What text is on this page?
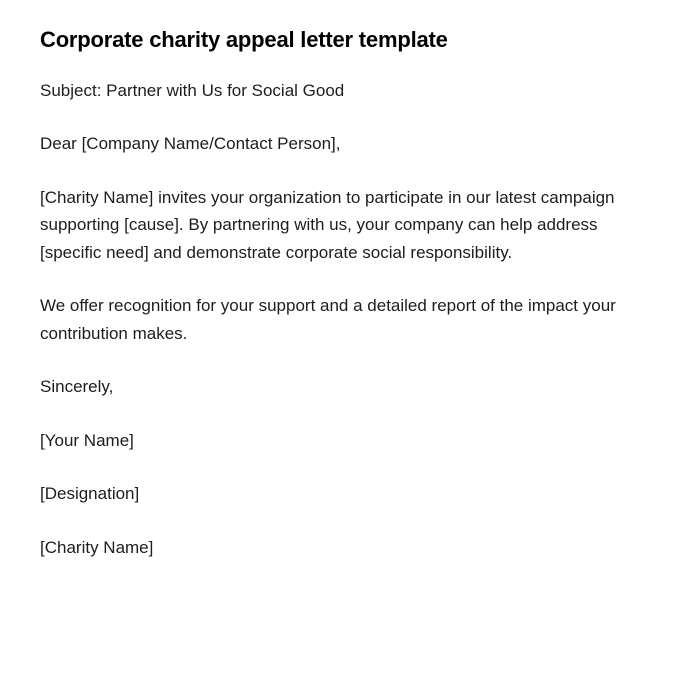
Corporate charity appeal letter template

Subject: Partner with Us for Social Good

Dear [Company Name/Contact Person],

[Charity Name] invites your organization to participate in our latest campaign supporting [cause]. By partnering with us, your company can help address [specific need] and demonstrate corporate social responsibility.

We offer recognition for your support and a detailed report of the impact your contribution makes.

Sincerely,

[Your Name]

[Designation]

[Charity Name]
